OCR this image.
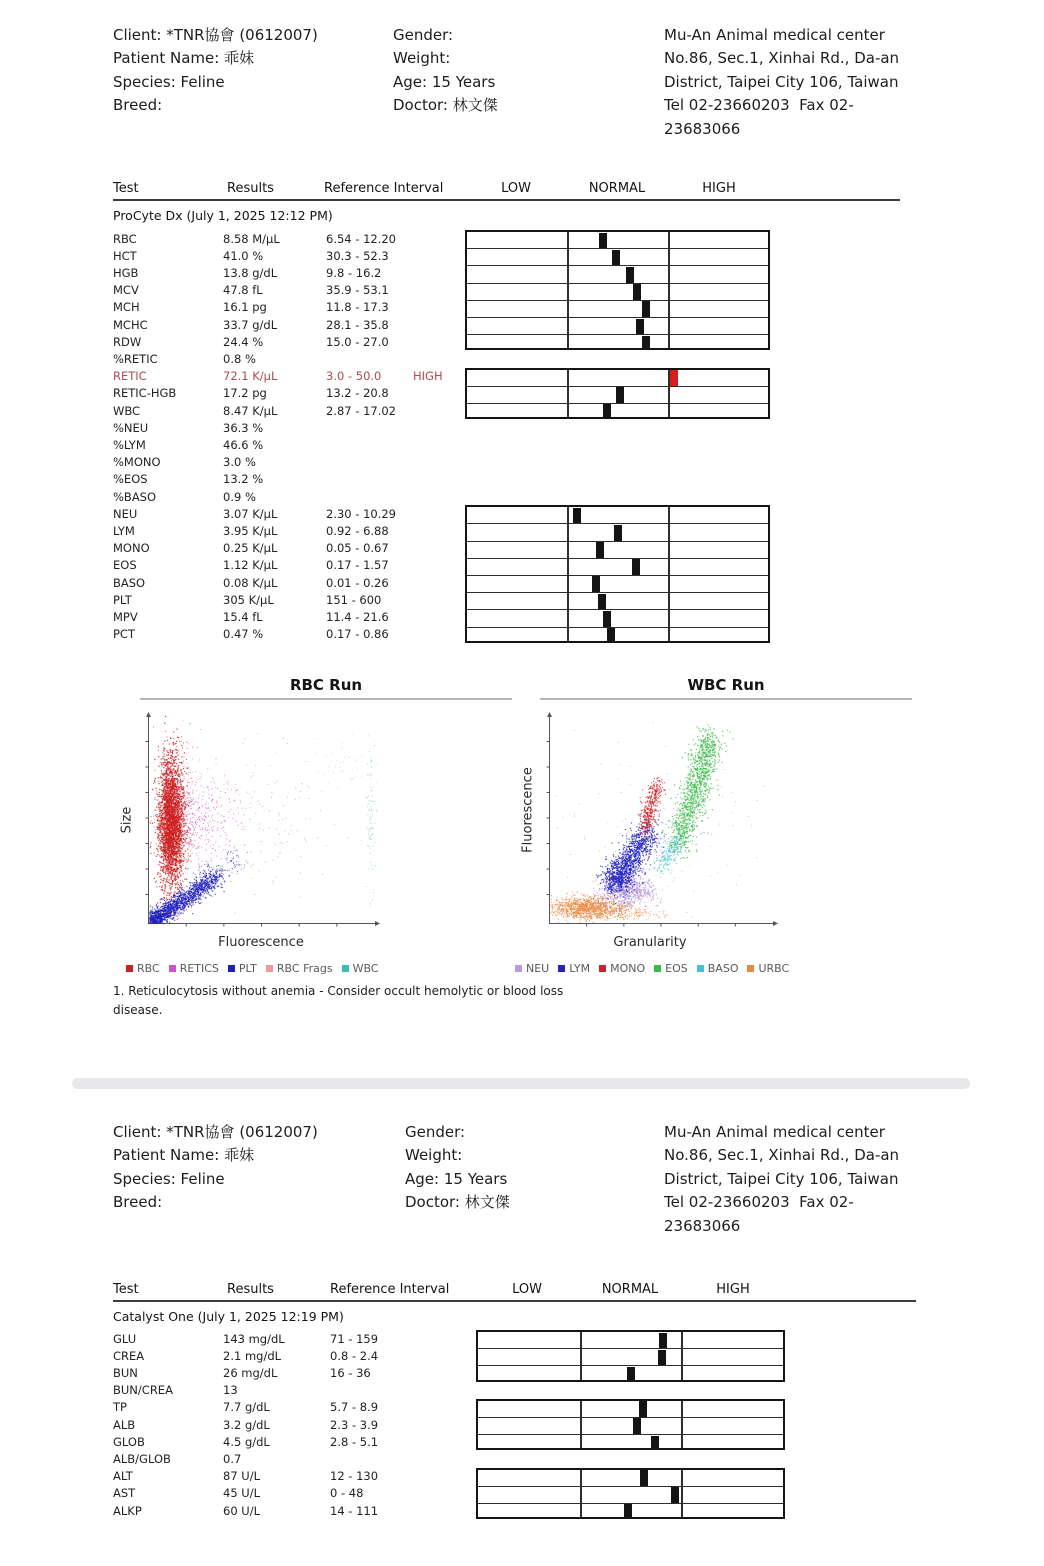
Client: *TNR協會 (0612007)
Patient Name: 乖妹
Species: Feline
Breed:
Gender:
Weight:
Age: 15 Years
Doctor: 林文傑
Mu-An Animal medical center
No.86, Sec.1, Xinhai Rd., Da-an
District, Taipei City 106, Taiwan
Tel 02-23660203  Fax 02-
23683066
Test	Results	Reference Interval	LOW	NORMAL	HIGH
ProCyte Dx (July 1, 2025 12:12 PM)
RBC	8.58 M/µL	6.54 - 12.20
HCT	41.0 %	30.3 - 52.3
HGB	13.8 g/dL	9.8 - 16.2
MCV	47.8 fL	35.9 - 53.1
MCH	16.1 pg	11.8 - 17.3
MCHC	33.7 g/dL	28.1 - 35.8
RDW	24.4 %	15.0 - 27.0
%RETIC	0.8 %
RETIC	72.1 K/µL	3.0 - 50.0	HIGH
RETIC-HGB	17.2 pg	13.2 - 20.8
WBC	8.47 K/µL	2.87 - 17.02
%NEU	36.3 %
%LYM	46.6 %
%MONO	3.0 %
%EOS	13.2 %
%BASO	0.9 %
NEU	3.07 K/µL	2.30 - 10.29
LYM	3.95 K/µL	0.92 - 6.88
MONO	0.25 K/µL	0.05 - 0.67
EOS	1.12 K/µL	0.17 - 1.57
BASO	0.08 K/µL	0.01 - 0.26
PLT	305 K/µL	151 - 600
MPV	15.4 fL	11.4 - 21.6
PCT	0.47 %	0.17 - 0.86
RBC Run
Size
Fluorescence
RBC RETICS PLT RBC Frags WBC
WBC Run
Fluorescence
Granularity
NEU LYM MONO EOS BASO URBC
1. Reticulocytosis without anemia - Consider occult hemolytic or blood loss disease.
Client: *TNR協會 (0612007)
Patient Name: 乖妹
Species: Feline
Breed:
Gender:
Weight:
Age: 15 Years
Doctor: 林文傑
Mu-An Animal medical center
No.86, Sec.1, Xinhai Rd., Da-an
District, Taipei City 106, Taiwan
Tel 02-23660203  Fax 02-
23683066
Test	Results	Reference Interval	LOW	NORMAL	HIGH
Catalyst One (July 1, 2025 12:19 PM)
GLU	143 mg/dL	71 - 159
CREA	2.1 mg/dL	0.8 - 2.4
BUN	26 mg/dL	16 - 36
BUN/CREA	13
TP	7.7 g/dL	5.7 - 8.9
ALB	3.2 g/dL	2.3 - 3.9
GLOB	4.5 g/dL	2.8 - 5.1
ALB/GLOB	0.7
ALT	87 U/L	12 - 130
AST	45 U/L	0 - 48
ALKP	60 U/L	14 - 111
